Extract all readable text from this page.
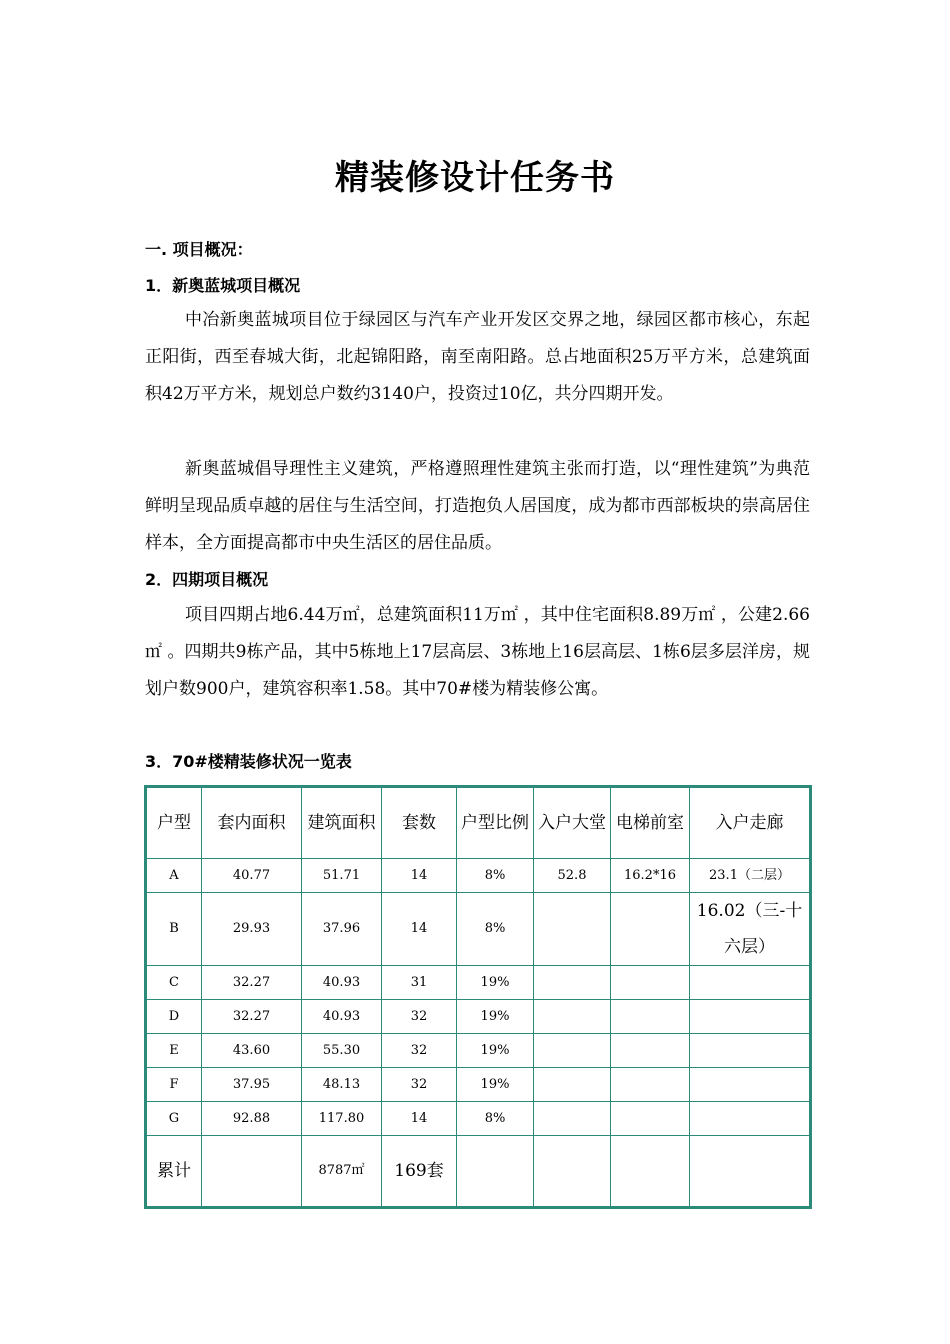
精装修设计任务书
一. 项目概况：
1．新奥蓝城项目概况

中冶新奥蓝城项目位于绿园区与汽车产业开发区交界之地，绿园区都市核心，东起正阳街，西至春城大街，北起锦阳路，南至南阳路。总占地面积25万平方米，总建筑面积42万平方米，规划总户数约3140户，投资过10亿，共分四期开发。

新奥蓝城倡导理性主义建筑，严格遵照理性建筑主张而打造，以“理性建筑”为典范鲜明呈现品质卓越的居住与生活空间，打造抱负人居国度，成为都市西部板块的崇高居住样本，全方面提高都市中央生活区的居住品质。

2．四期项目概况

项目四期占地6.44万㎡，总建筑面积11万㎡ ，其中住宅面积8.89万㎡ ，公建2.66㎡ 。四期共9栋产品，其中5栋地上17层高层、3栋地上16层高层、1栋6层多层洋房，规划户数900户，建筑容积率1.58。其中70#楼为精装修公寓。

3．70#楼精装修状况一览表
户型	套内面积	建筑面积	套数	户型比例	入户大堂	电梯前室	入户走廊
A	40.77	51.71	14	8%	52.8	16.2*16	23.1（二层）
B	29.93	37.96	14	8%			16.02（三-十六层）
C	32.27	40.93	31	19%			
D	32.27	40.93	32	19%			
E	43.60	55.30	32	19%			
F	37.95	48.13	32	19%			
G	92.88	117.80	14	8%			
累计		8787㎡	169套				
